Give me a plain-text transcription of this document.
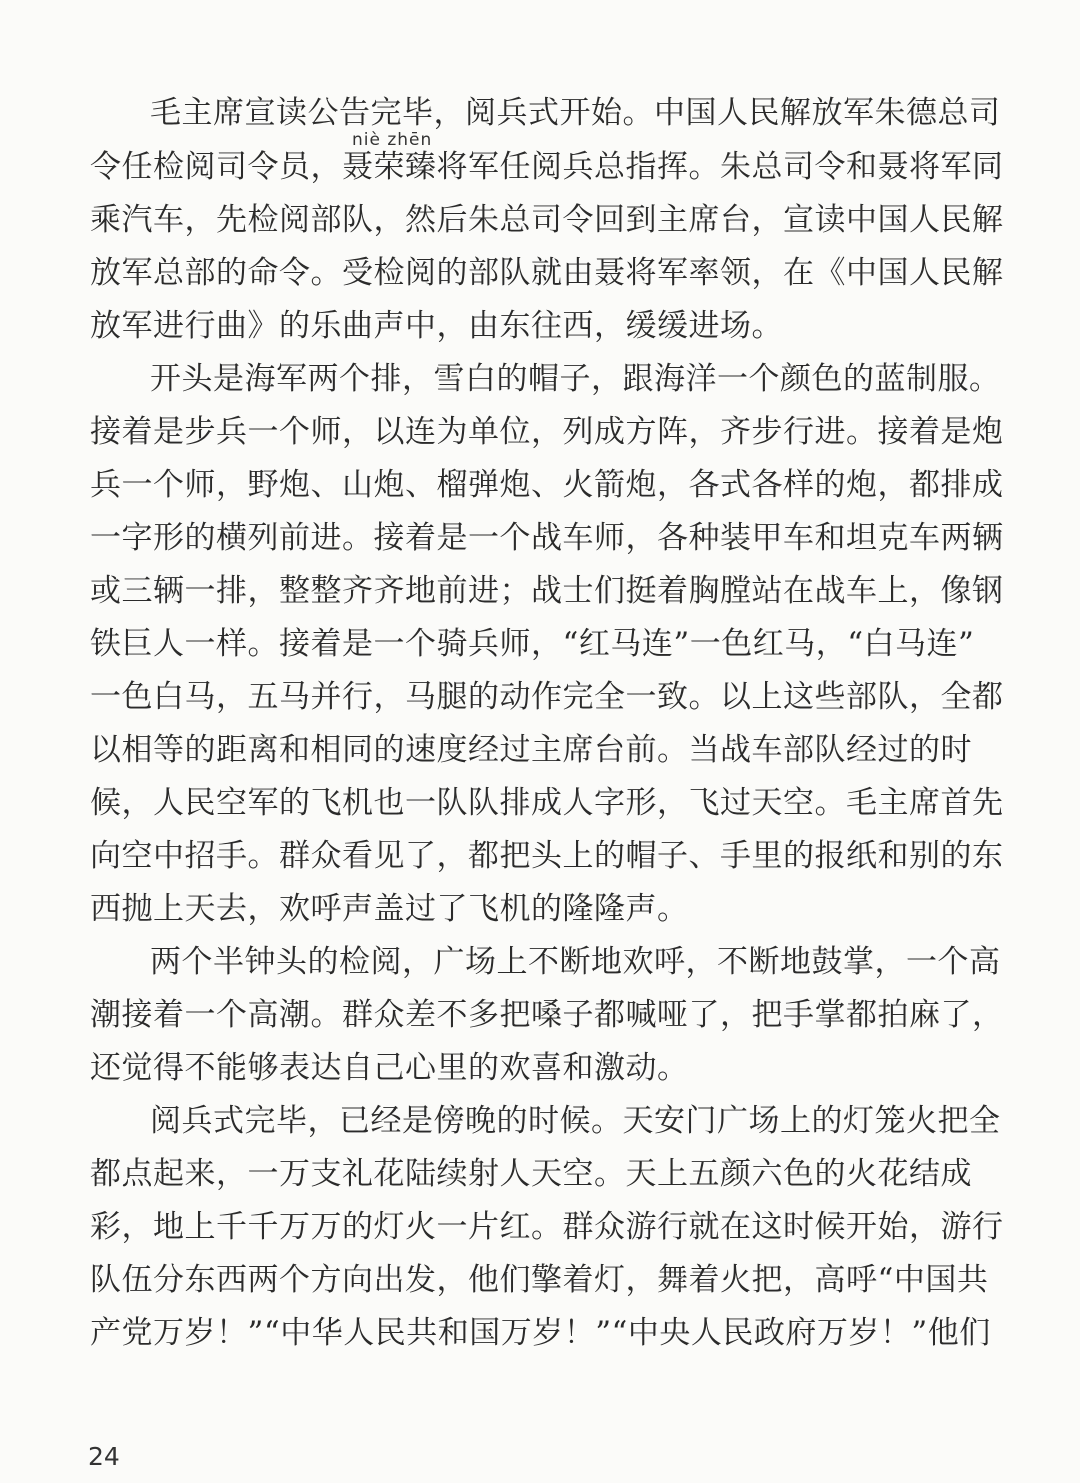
niè zhēn
毛主席宣读公告完毕，阅兵式开始。中国人民解放军朱德总司
令任检阅司令员，聂荣臻将军任阅兵总指挥。朱总司令和聂将军同
乘汽车，先检阅部队，然后朱总司令回到主席台，宣读中国人民解
放军总部的命令。受检阅的部队就由聂将军率领，在《中国人民解
放军进行曲》的乐曲声中，由东往西，缓缓进场。
开头是海军两个排，雪白的帽子，跟海洋一个颜色的蓝制服。
接着是步兵一个师，以连为单位，列成方阵，齐步行进。接着是炮
兵一个师，野炮、山炮、榴弹炮、火箭炮，各式各样的炮，都排成
一字形的横列前进。接着是一个战车师，各种装甲车和坦克车两辆
或三辆一排，整整齐齐地前进；战士们挺着胸膛站在战车上，像钢
铁巨人一样。接着是一个骑兵师，“红马连”一色红马，“白马连”
一色白马，五马并行，马腿的动作完全一致。以上这些部队，全都
以相等的距离和相同的速度经过主席台前。当战车部队经过的时
候，人民空军的飞机也一队队排成人字形，飞过天空。毛主席首先
向空中招手。群众看见了，都把头上的帽子、手里的报纸和别的东
西抛上天去，欢呼声盖过了飞机的隆隆声。
两个半钟头的检阅，广场上不断地欢呼，不断地鼓掌，一个高
潮接着一个高潮。群众差不多把嗓子都喊哑了，把手掌都拍麻了，
还觉得不能够表达自己心里的欢喜和激动。
阅兵式完毕，已经是傍晚的时候。天安门广场上的灯笼火把全
都点起来，一万支礼花陆续射人天空。天上五颜六色的火花结成
彩，地上千千万万的灯火一片红。群众游行就在这时候开始，游行
队伍分东西两个方向出发，他们擎着灯，舞着火把，高呼“中国共
产党万岁！”“中华人民共和国万岁！”“中央人民政府万岁！”他们
24
